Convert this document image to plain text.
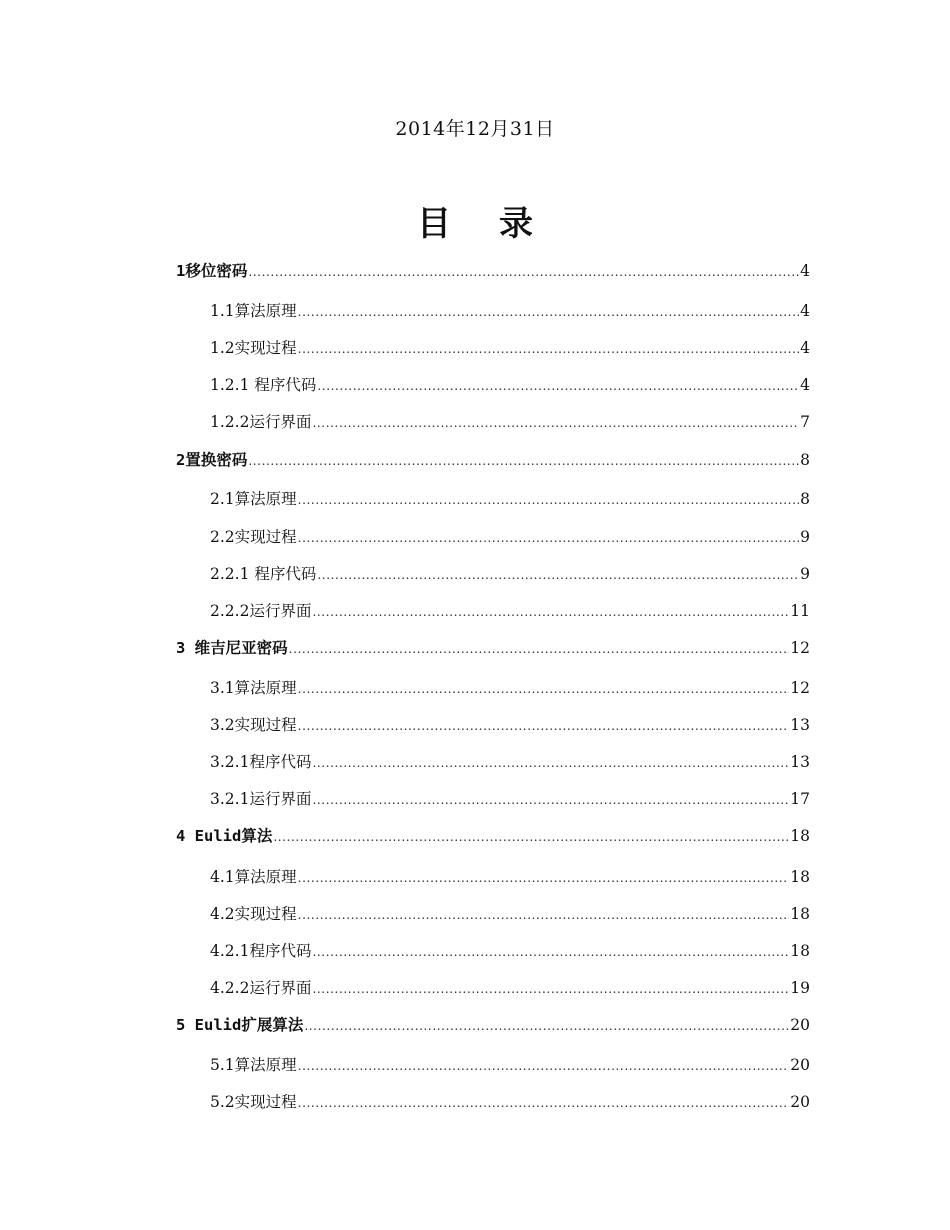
2014年12月31日
目录
1移位密码 .....	4
1.1算法原理 .....	4
1.2实现过程 .....	4
1.2.1 程序代码 .....	4
1.2.2运行界面 .....	7
2置换密码 .....	8
2.1算法原理 .....	8
2.2实现过程 .....	9
2.2.1 程序代码 .....	9
2.2.2运行界面 .....	11
3 维吉尼亚密码 .....	12
3.1算法原理 .....	12
3.2实现过程 .....	13
3.2.1程序代码 .....	13
3.2.1运行界面 .....	17
4 Eulid算法 .....	18
4.1算法原理 .....	18
4.2实现过程 .....	18
4.2.1程序代码 .....	18
4.2.2运行界面 .....	19
5 Eulid扩展算法 .....	20
5.1算法原理 .....	20
5.2实现过程 .....	20
